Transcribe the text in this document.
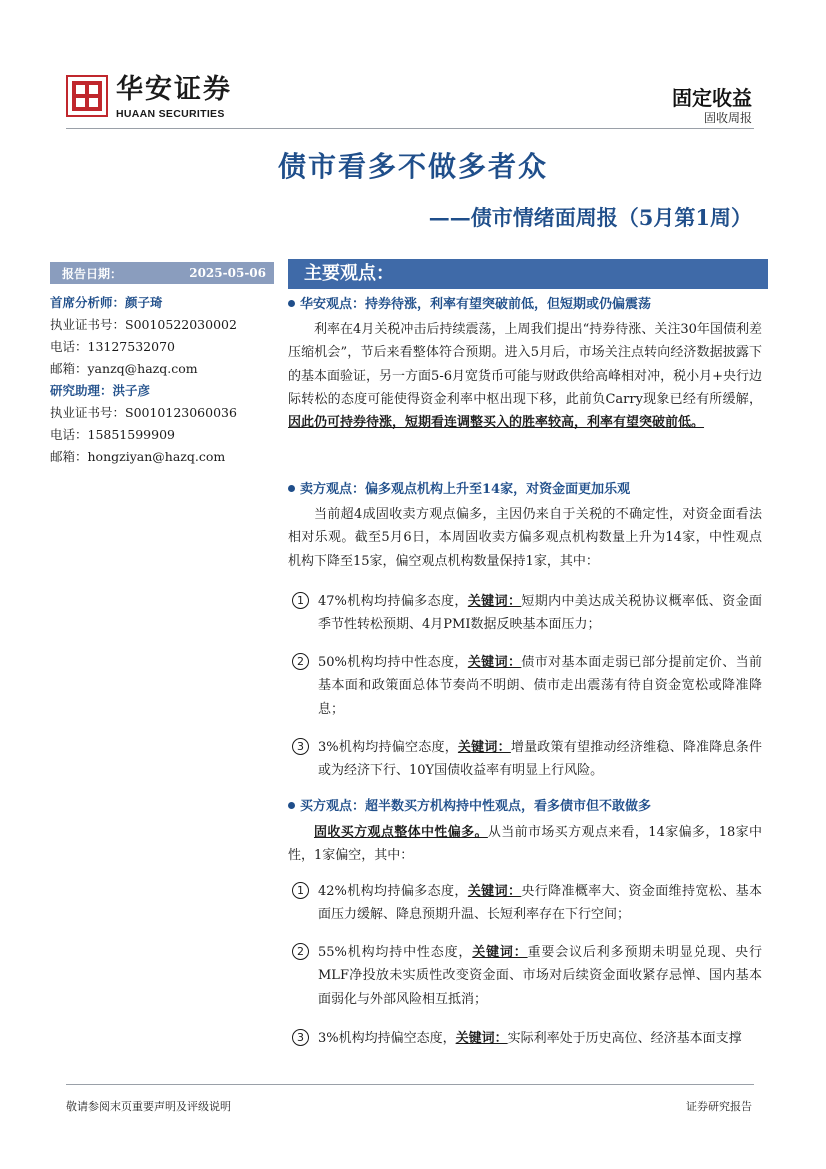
华安证券
HUAAN SECURITIES
固定收益
固收周报
债市看多不做多者众
——债市情绪面周报（5月第1周）
报告日期：	2025-05-06
首席分析师：颜子琦
执业证书号：S0010522030002
电话：13127532070
邮箱：yanzq@hazq.com
研究助理：洪子彦
执业证书号：S0010123060036
电话：15851599909
邮箱：hongziyan@hazq.com
主要观点：
华安观点：持券待涨，利率有望突破前低，但短期或仍偏震荡
利率在4月关税冲击后持续震荡，上周我们提出“持券待涨、关注30年国债利差压缩机会”，节后来看整体符合预期。进入5月后，市场关注点转向经济数据披露下的基本面验证，另一方面5-6月宽货币可能与财政供给高峰相对冲，税小月+央行边际转松的态度可能使得资金利率中枢出现下移，此前负Carry现象已经有所缓解，因此仍可持券待涨，短期看连调整买入的胜率较高，利率有望突破前低。
卖方观点：偏多观点机构上升至14家，对资金面更加乐观
当前超4成固收卖方观点偏多，主因仍来自于关税的不确定性，对资金面看法相对乐观。截至5月6日，本周固收卖方偏多观点机构数量上升为14家，中性观点机构下降至15家，偏空观点机构数量保持1家，其中：
1	47%机构均持偏多态度，关键词：短期内中美达成关税协议概率低、资金面季节性转松预期、4月PMI数据反映基本面压力；
2	50%机构均持中性态度，关键词：债市对基本面走弱已部分提前定价、当前基本面和政策面总体节奏尚不明朗、债市走出震荡有待自资金宽松或降准降息；
3	3%机构均持偏空态度，关键词：增量政策有望推动经济维稳、降准降息条件或为经济下行、10Y国债收益率有明显上行风险。
买方观点：超半数买方机构持中性观点，看多债市但不敢做多
固收买方观点整体中性偏多。从当前市场买方观点来看，14家偏多，18家中性，1家偏空，其中：
1	42%机构均持偏多态度，关键词：央行降准概率大、资金面维持宽松、基本面压力缓解、降息预期升温、长短利率存在下行空间；
2	55%机构均持中性态度，关键词：重要会议后利多预期未明显兑现、央行MLF净投放未实质性改变资金面、市场对后续资金面收紧存忌惮、国内基本面弱化与外部风险相互抵消；
3	3%机构均持偏空态度，关键词：实际利率处于历史高位、经济基本面支撑
敬请参阅末页重要声明及评级说明	证券研究报告
